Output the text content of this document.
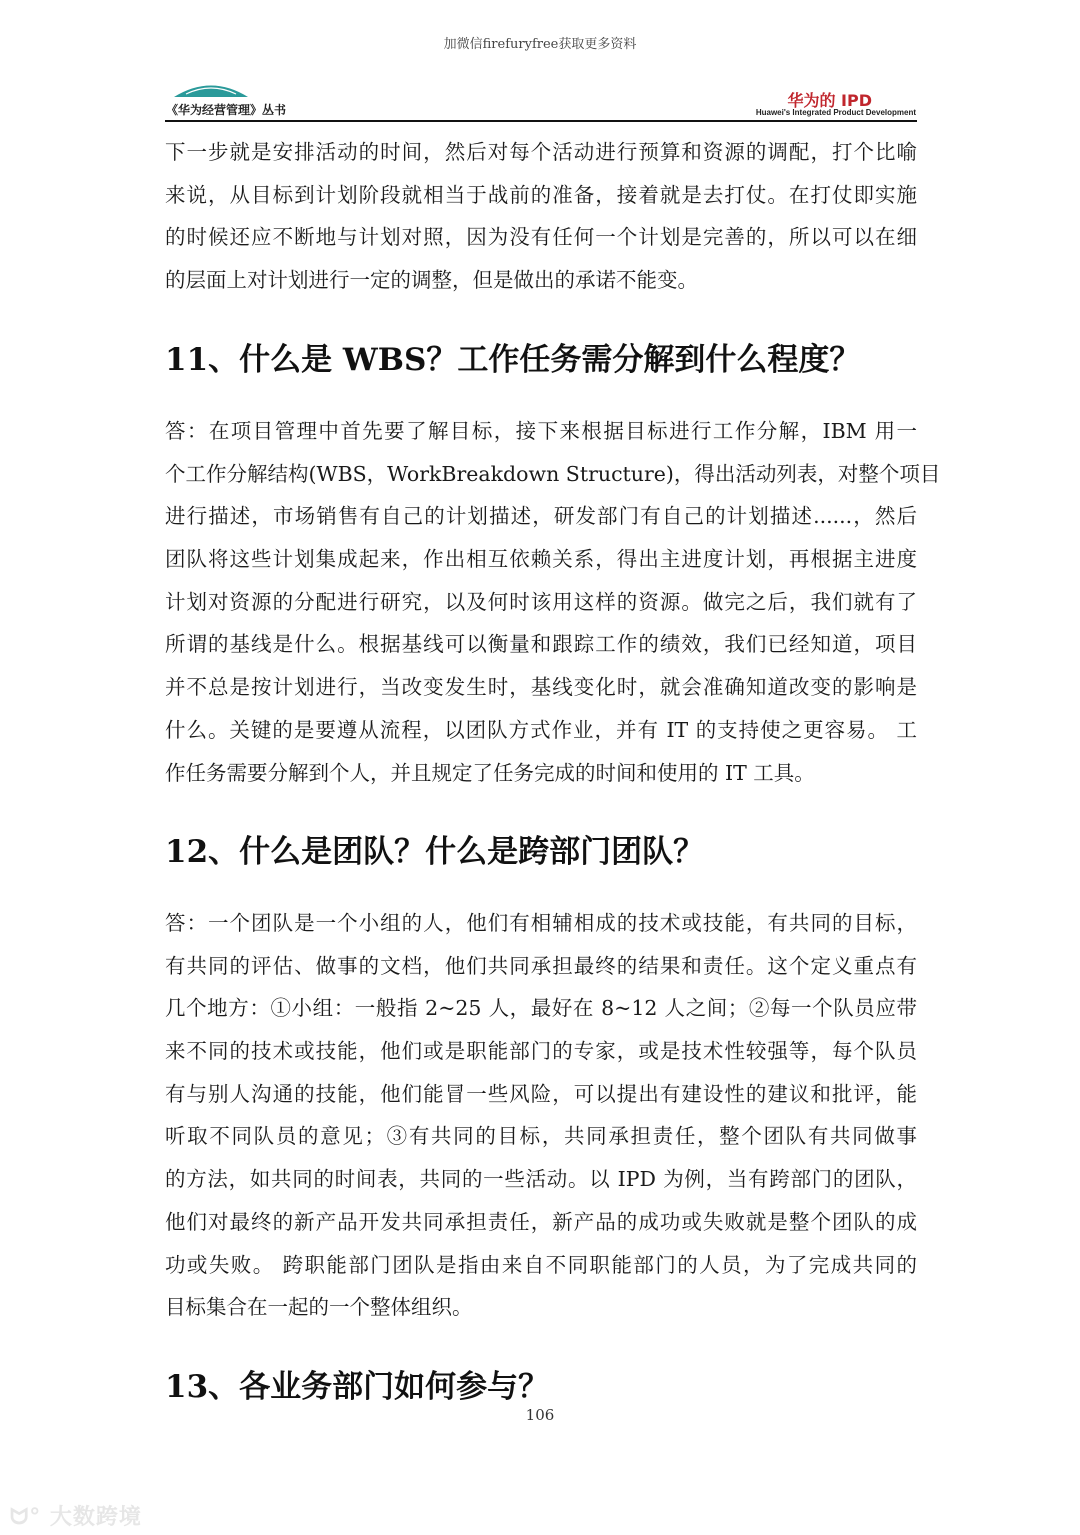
加微信firefuryfree获取更多资料
《华为经营管理》丛书	华为的 IPD
Huawei's Integrated Product Development
下一步就是安排活动的时间，然后对每个活动进行预算和资源的调配，打个比喻
来说，从目标到计划阶段就相当于战前的准备，接着就是去打仗。在打仗即实施
的时候还应不断地与计划对照，因为没有任何一个计划是完善的，所以可以在细
的层面上对计划进行一定的调整，但是做出的承诺不能变。
11、什么是 WBS？工作任务需分解到什么程度？
答：在项目管理中首先要了解目标，接下来根据目标进行工作分解，IBM 用一
个工作分解结构(WBS，WorkBreakdown Structure)，得出活动列表，对整个项目
进行描述，市场销售有自己的计划描述，研发部门有自己的计划描述......，然后
团队将这些计划集成起来，作出相互依赖关系，得出主进度计划，再根据主进度
计划对资源的分配进行研究，以及何时该用这样的资源。做完之后，我们就有了
所谓的基线是什么。根据基线可以衡量和跟踪工作的绩效，我们已经知道，项目
并不总是按计划进行，当改变发生时，基线变化时，就会准确知道改变的影响是
什么。关键的是要遵从流程，以团队方式作业，并有 IT 的支持使之更容易。 工
作任务需要分解到个人，并且规定了任务完成的时间和使用的 IT 工具。
12、什么是团队？什么是跨部门团队？
答：一个团队是一个小组的人，他们有相辅相成的技术或技能，有共同的目标，
有共同的评估、做事的文档，他们共同承担最终的结果和责任。这个定义重点有
几个地方：①小组：一般指 2~25 人，最好在 8~12 人之间；②每一个队员应带
来不同的技术或技能，他们或是职能部门的专家，或是技术性较强等，每个队员
有与别人沟通的技能，他们能冒一些风险，可以提出有建设性的建议和批评，能
听取不同队员的意见；③有共同的目标，共同承担责任，整个团队有共同做事
的方法，如共同的时间表，共同的一些活动。以 IPD 为例，当有跨部门的团队，
他们对最终的新产品开发共同承担责任，新产品的成功或失败就是整个团队的成
功或失败。 跨职能部门团队是指由来自不同职能部门的人员，为了完成共同的
目标集合在一起的一个整体组织。
13、各业务部门如何参与？
106
ᗢ° 大数跨境
